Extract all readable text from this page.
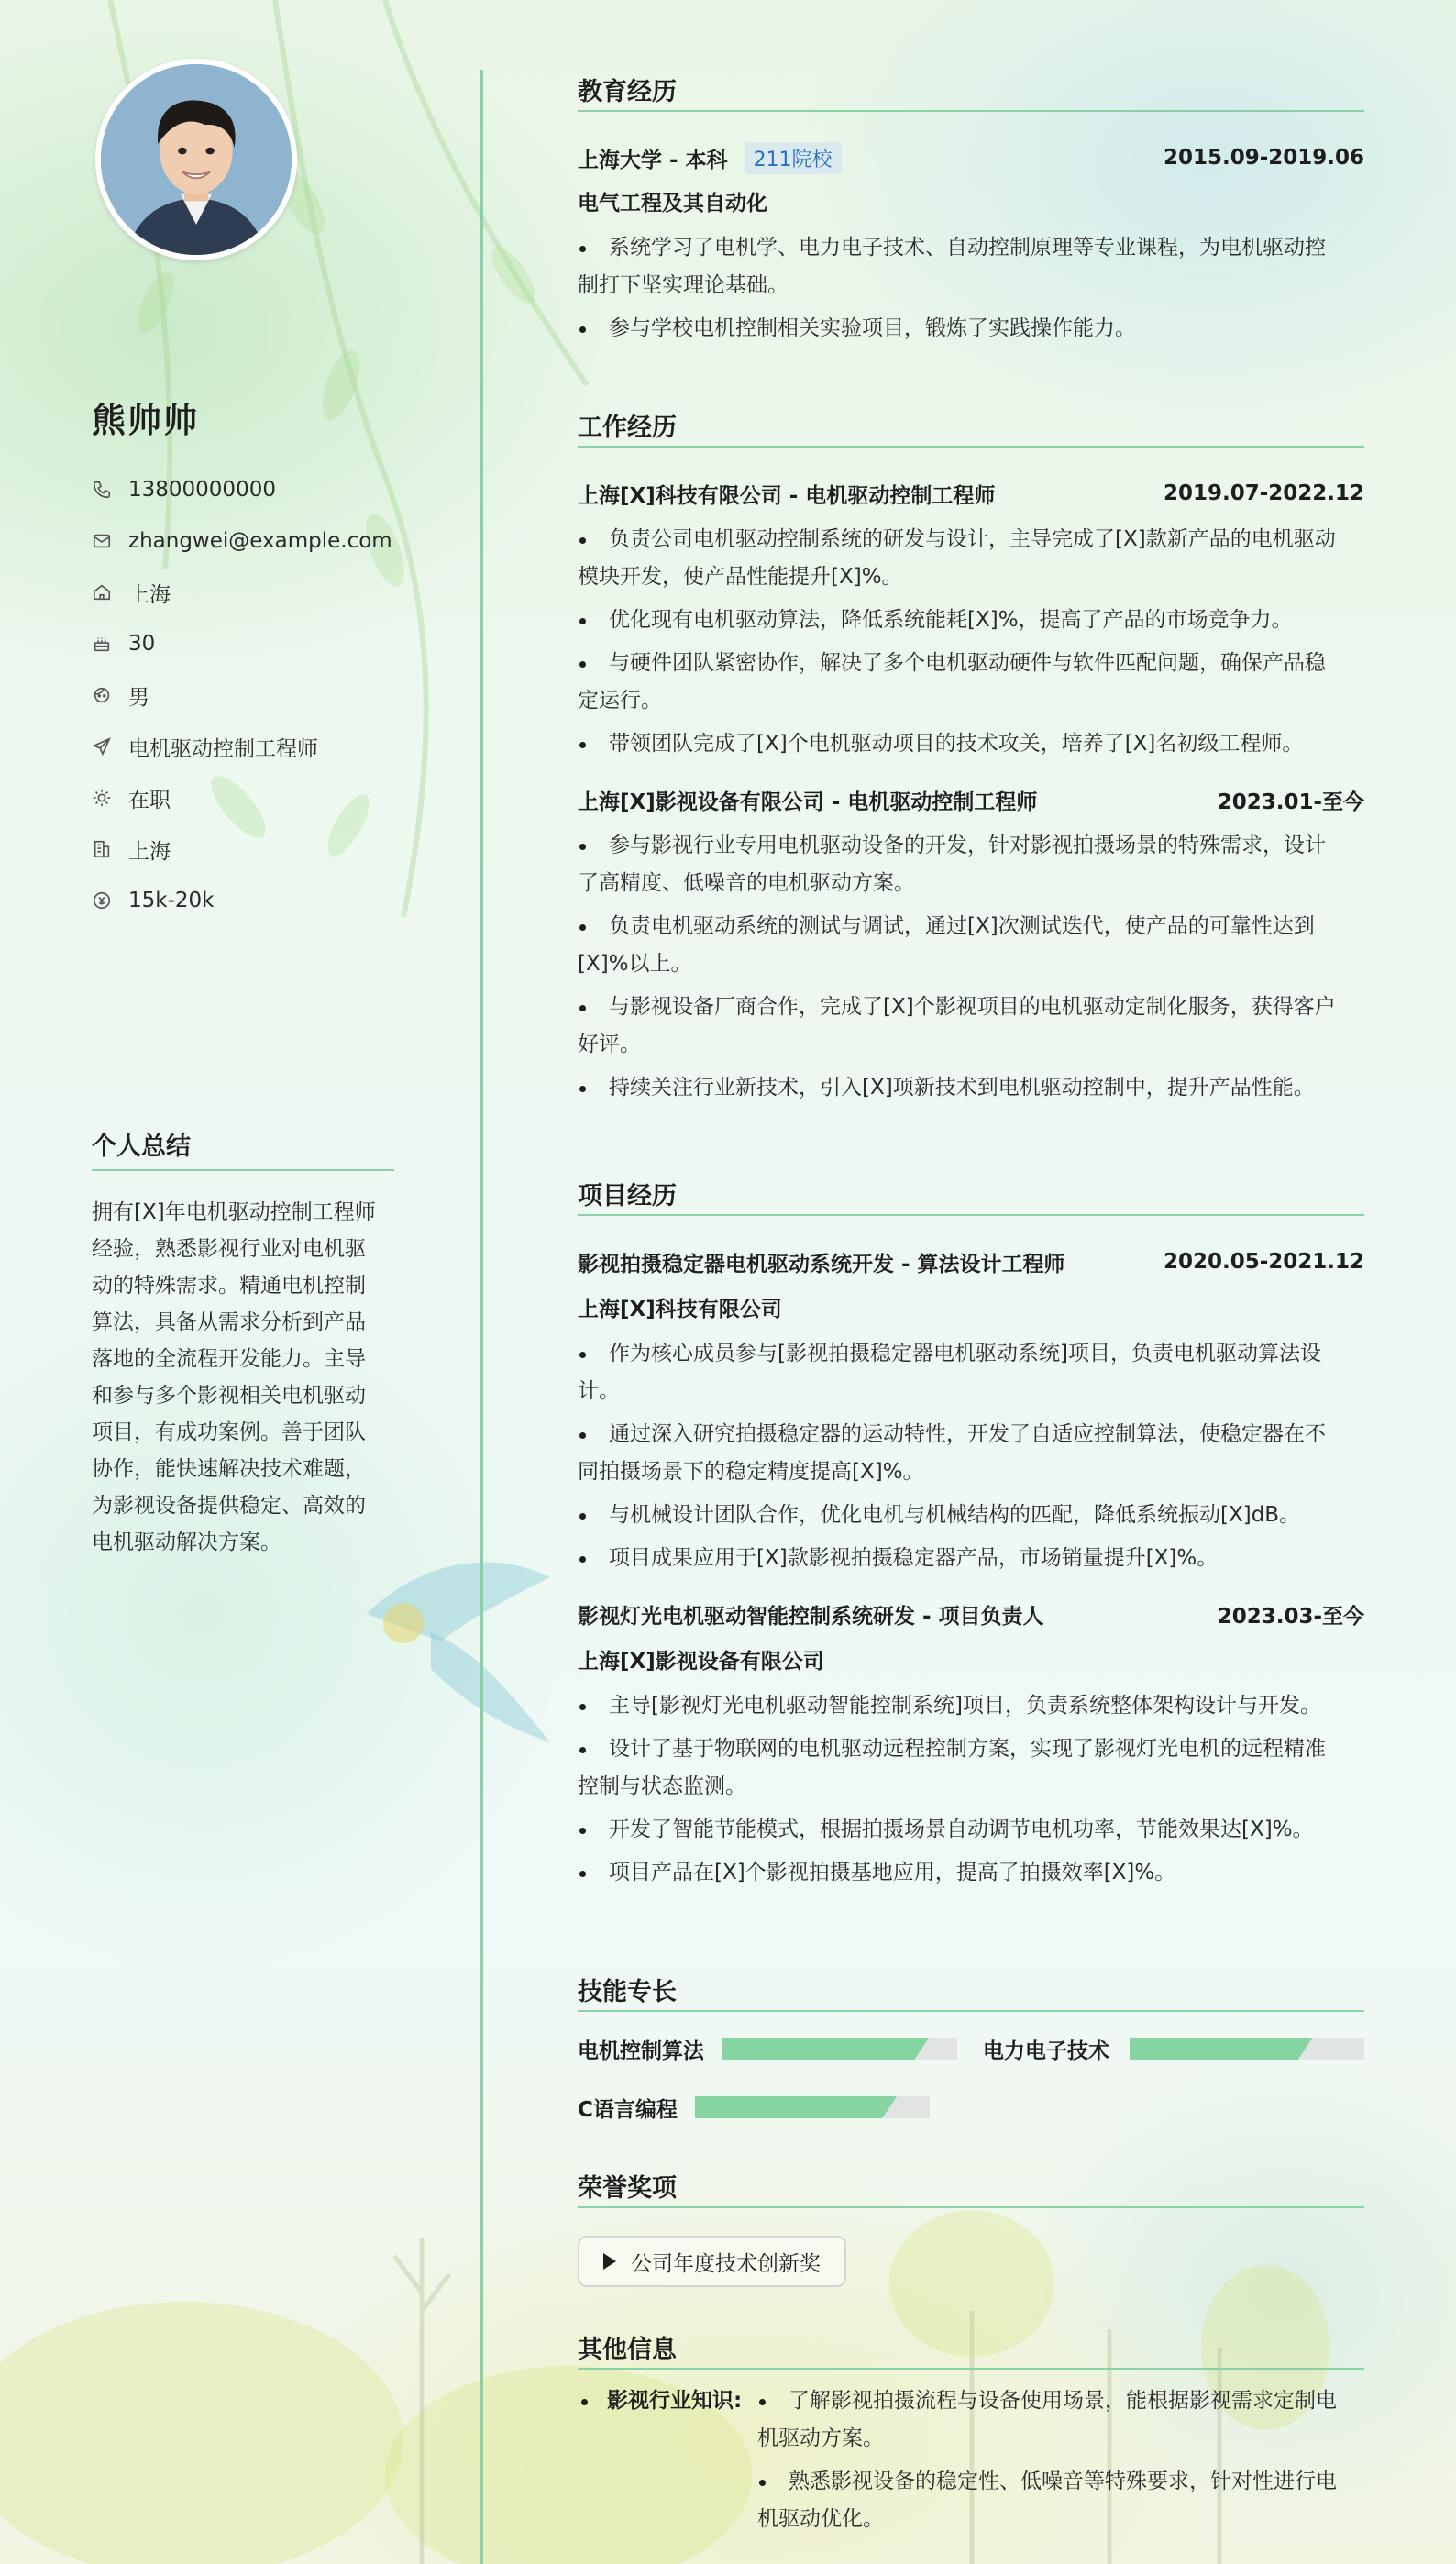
熊帅帅
13800000000
zhangwei@example.com
上海
30
男
电机驱动控制工程师
在职
上海
15k-20k
个人总结
拥有[X]年电机驱动控制工程师
经验，熟悉影视行业对电机驱
动的特殊需求。精通电机控制
算法，具备从需求分析到产品
落地的全流程开发能力。主导
和参与多个影视相关电机驱动
项目，有成功案例。善于团队
协作，能快速解决技术难题，
为影视设备提供稳定、高效的
电机驱动解决方案。
教育经历
上海大学 - 本科	211院校	2015.09-2019.06
电气工程及其自动化
系统学习了电机学、电力电子技术、自动控制原理等专业课程，为电机驱动控
制打下坚实理论基础。
参与学校电机控制相关实验项目，锻炼了实践操作能力。
工作经历
上海[X]科技有限公司 - 电机驱动控制工程师	2019.07-2022.12
负责公司电机驱动控制系统的研发与设计，主导完成了[X]款新产品的电机驱动
模块开发，使产品性能提升[X]%。
优化现有电机驱动算法，降低系统能耗[X]%，提高了产品的市场竞争力。
与硬件团队紧密协作，解决了多个电机驱动硬件与软件匹配问题，确保产品稳
定运行。
带领团队完成了[X]个电机驱动项目的技术攻关，培养了[X]名初级工程师。
上海[X]影视设备有限公司 - 电机驱动控制工程师	2023.01-至今
参与影视行业专用电机驱动设备的开发，针对影视拍摄场景的特殊需求，设计
了高精度、低噪音的电机驱动方案。
负责电机驱动系统的测试与调试，通过[X]次测试迭代，使产品的可靠性达到
[X]%以上。
与影视设备厂商合作，完成了[X]个影视项目的电机驱动定制化服务，获得客户
好评。
持续关注行业新技术，引入[X]项新技术到电机驱动控制中，提升产品性能。
项目经历
影视拍摄稳定器电机驱动系统开发 - 算法设计工程师	2020.05-2021.12
上海[X]科技有限公司
作为核心成员参与[影视拍摄稳定器电机驱动系统]项目，负责电机驱动算法设
计。
通过深入研究拍摄稳定器的运动特性，开发了自适应控制算法，使稳定器在不
同拍摄场景下的稳定精度提高[X]%。
与机械设计团队合作，优化电机与机械结构的匹配，降低系统振动[X]dB。
项目成果应用于[X]款影视拍摄稳定器产品，市场销量提升[X]%。
影视灯光电机驱动智能控制系统研发 - 项目负责人	2023.03-至今
上海[X]影视设备有限公司
主导[影视灯光电机驱动智能控制系统]项目，负责系统整体架构设计与开发。
设计了基于物联网的电机驱动远程控制方案，实现了影视灯光电机的远程精准
控制与状态监测。
开发了智能节能模式，根据拍摄场景自动调节电机功率，节能效果达[X]%。
项目产品在[X]个影视拍摄基地应用，提高了拍摄效率[X]%。
技能专长
电机控制算法	电力电子技术
C语言编程
荣誉奖项
公司年度技术创新奖
其他信息
影视行业知识:	了解影视拍摄流程与设备使用场景，能根据影视需求定制电
机驱动方案。
熟悉影视设备的稳定性、低噪音等特殊要求，针对性进行电
机驱动优化。
